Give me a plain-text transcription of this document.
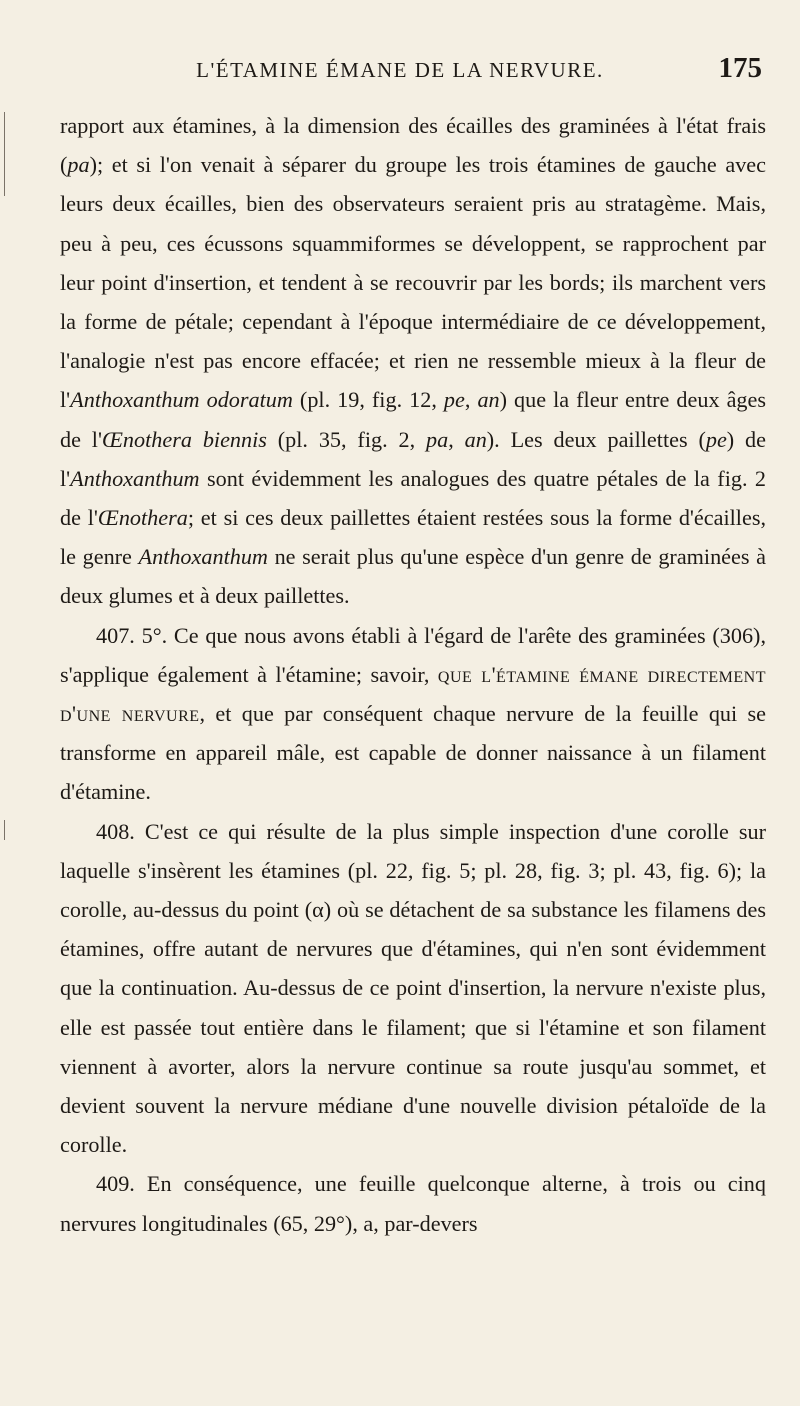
L'ÉTAMINE ÉMANE DE LA NERVURE.	175

rapport aux étamines, à la dimension des écailles des graminées à l'état frais (pa); et si l'on venait à séparer du groupe les trois étamines de gauche avec leurs deux écailles, bien des observateurs seraient pris au stratagème. Mais, peu à peu, ces écussons squammiformes se développent, se rapprochent par leur point d'insertion, et tendent à se recouvrir par les bords; ils marchent vers la forme de pétale; cependant à l'époque intermédiaire de ce développement, l'analogie n'est pas encore effacée; et rien ne ressemble mieux à la fleur de l'Anthoxanthum odoratum (pl. 19, fig. 12, pe, an) que la fleur entre deux âges de l'Œnothera biennis (pl. 35, fig. 2, pa, an). Les deux paillettes (pe) de l'Anthoxanthum sont évidemment les analogues des quatre pétales de la fig. 2 de l'Œnothera; et si ces deux paillettes étaient restées sous la forme d'écailles, le genre Anthoxanthum ne serait plus qu'une espèce d'un genre de graminées à deux glumes et à deux paillettes.

407. 5°. Ce que nous avons établi à l'égard de l'arête des graminées (306), s'applique également à l'étamine; savoir, que l'étamine émane directement d'une nervure, et que par conséquent chaque nervure de la feuille qui se transforme en appareil mâle, est capable de donner naissance à un filament d'étamine.

408. C'est ce qui résulte de la plus simple inspection d'une corolle sur laquelle s'insèrent les étamines (pl. 22, fig. 5; pl. 28, fig. 3; pl. 43, fig. 6); la corolle, au-dessus du point (α) où se détachent de sa substance les filamens des étamines, offre autant de nervures que d'étamines, qui n'en sont évidemment que la continuation. Au-dessus de ce point d'insertion, la nervure n'existe plus, elle est passée tout entière dans le filament; que si l'étamine et son filament viennent à avorter, alors la nervure continue sa route jusqu'au sommet, et devient souvent la nervure médiane d'une nouvelle division pétaloïde de la corolle.

409. En conséquence, une feuille quelconque alterne, à trois ou cinq nervures longitudinales (65, 29°), a, par-devers
